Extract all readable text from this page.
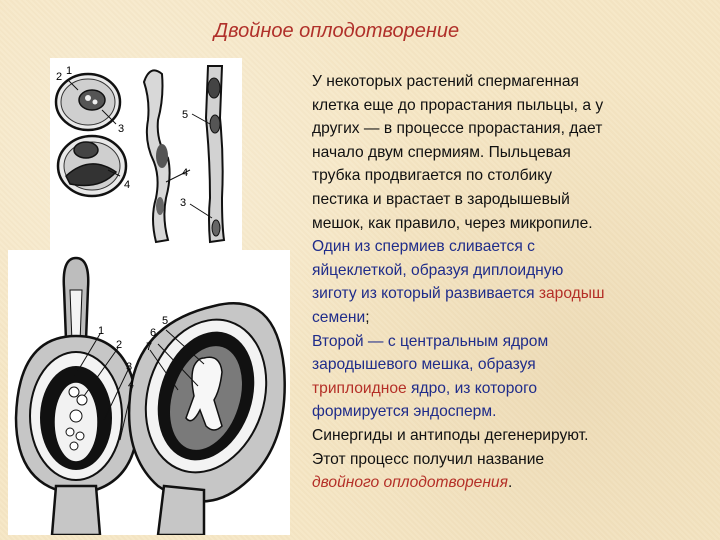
Двойное оплодотворение
2 1
3
4
5
4
3
1
2
3
4
5
6
7
У некоторых растений спермагенная
клетка еще до прорастания пыльцы, а у
других — в процессе прорастания, дает
начало двум спермиям. Пыльцевая
трубка продвигается по столбику
пестика и врастает в зародышевый
мешок, как правило, через микропиле.
Один из спермиев сливается с
яйцеклеткой, образуя диплоидную
зиготу из который развивается зародыш
семени;
Второй — с центральным ядром
зародышевого мешка, образуя
триплоидное ядро, из которого
формируется эндосперм.
Синергиды и антиподы дегенерируют.
Этот процесс получил название
двойного оплодотворения.
